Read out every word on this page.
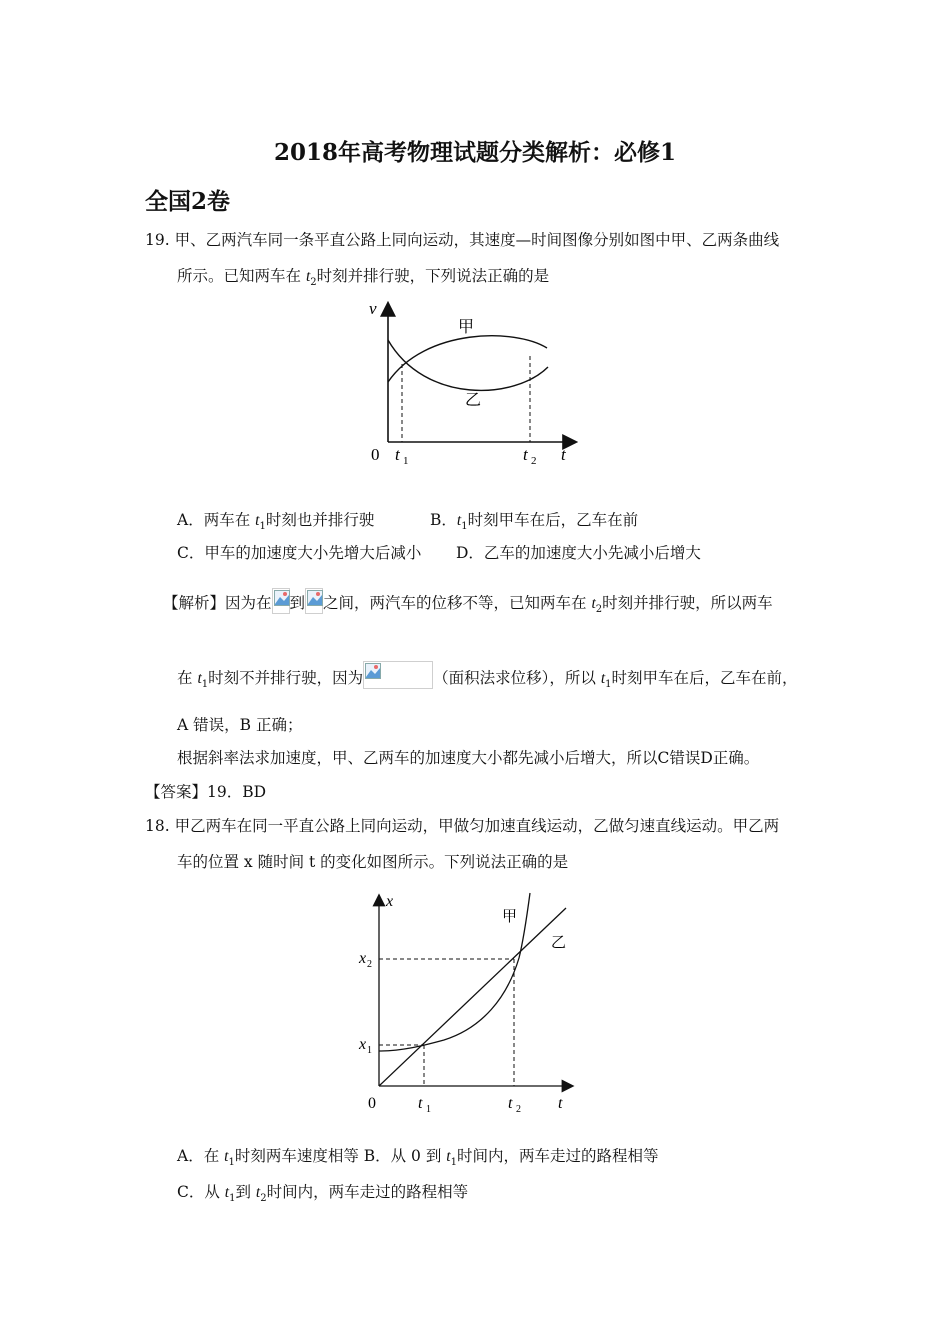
2018年高考物理试题分类解析：必修1
全国2卷
19. 甲、乙两汽车同一条平直公路上同向运动，其速度—时间图像分别如图中甲、乙两条曲线
所示。已知两车在 $t_2$时刻并排行驶，下列说法正确的是
v
0 t 1	t 2 t
甲
乙
A．两车在 $t_1$时刻也并排行驶	B．$t_1$时刻甲车在后，乙车在前
C．甲车的加速度大小先增大后减小 D．乙车的加速度大小先减小后增大
【解析】因为在 到 之间，两汽车的位移不等，已知两车在 $t_2$时刻并排行驶，所以两车
在 $t_1$时刻不并排行驶，因为	（面积法求位移），所以 $t_1$时刻甲车在后，乙车在前，
A 错误，B 正确；
根据斜率法求加速度，甲、乙两车的加速度大小都先减小后增大，所以C错误D正确。
【答案】19．BD
18. 甲乙两车在同一平直公路上同向运动，甲做匀加速直线运动，乙做匀速直线运动。甲乙两
车的位置 x 随时间 t 的变化如图所示。下列说法正确的是
x
x 2
x 1
0	t 1	t 2 t
甲
乙
A．在 $t_1$时刻两车速度相等 B．从 0 到 $t_1$时间内，两车走过的路程相等
C．从 $t_1$到 $t_2$时间内，两车走过的路程相等
